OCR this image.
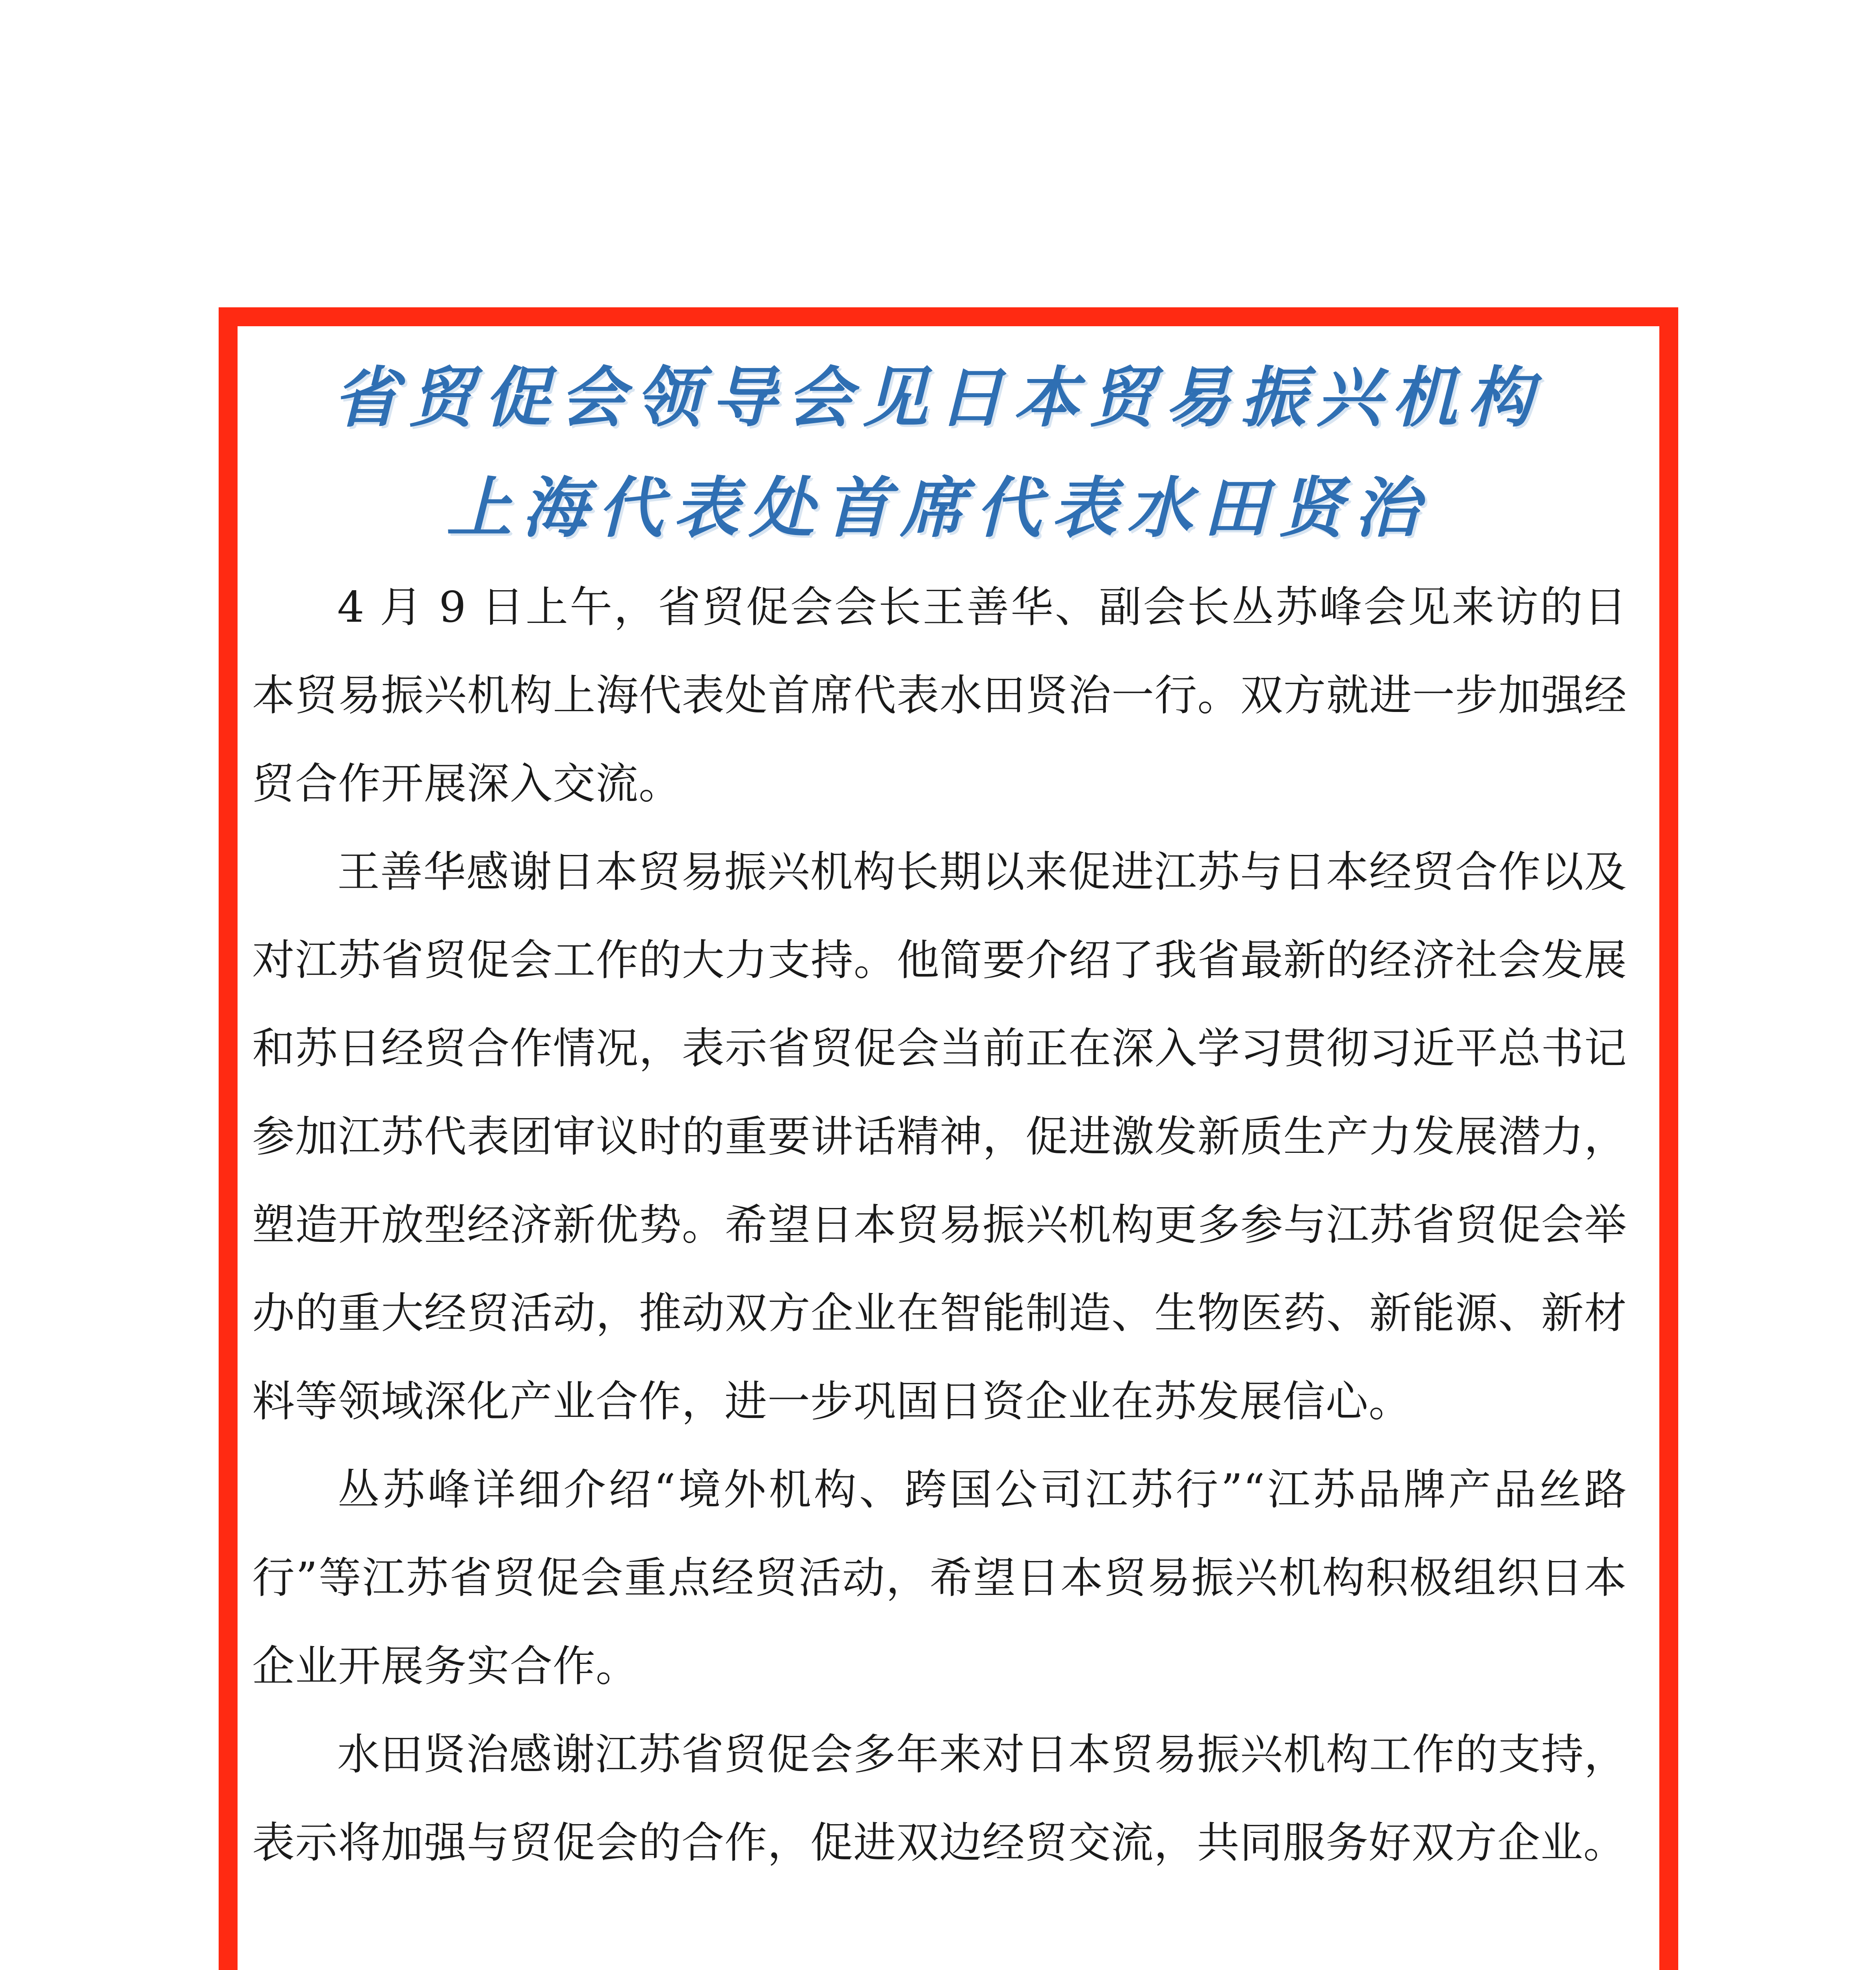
省贸促会领导会见日本贸易振兴机构
上海代表处首席代表水田贤治

4 月 9 日上午，省贸促会会长王善华、副会长丛苏峰会见来访的日本贸易振兴机构上海代表处首席代表水田贤治一行。双方就进一步加强经贸合作开展深入交流。

王善华感谢日本贸易振兴机构长期以来促进江苏与日本经贸合作以及对江苏省贸促会工作的大力支持。他简要介绍了我省最新的经济社会发展和苏日经贸合作情况，表示省贸促会当前正在深入学习贯彻习近平总书记参加江苏代表团审议时的重要讲话精神，促进激发新质生产力发展潜力，塑造开放型经济新优势。希望日本贸易振兴机构更多参与江苏省贸促会举办的重大经贸活动，推动双方企业在智能制造、生物医药、新能源、新材料等领域深化产业合作，进一步巩固日资企业在苏发展信心。

丛苏峰详细介绍“境外机构、跨国公司江苏行”“江苏品牌产品丝路行”等江苏省贸促会重点经贸活动，希望日本贸易振兴机构积极组织日本企业开展务实合作。

水田贤治感谢江苏省贸促会多年来对日本贸易振兴机构工作的支持，表示将加强与贸促会的合作，促进双边经贸交流，共同服务好双方企业。
